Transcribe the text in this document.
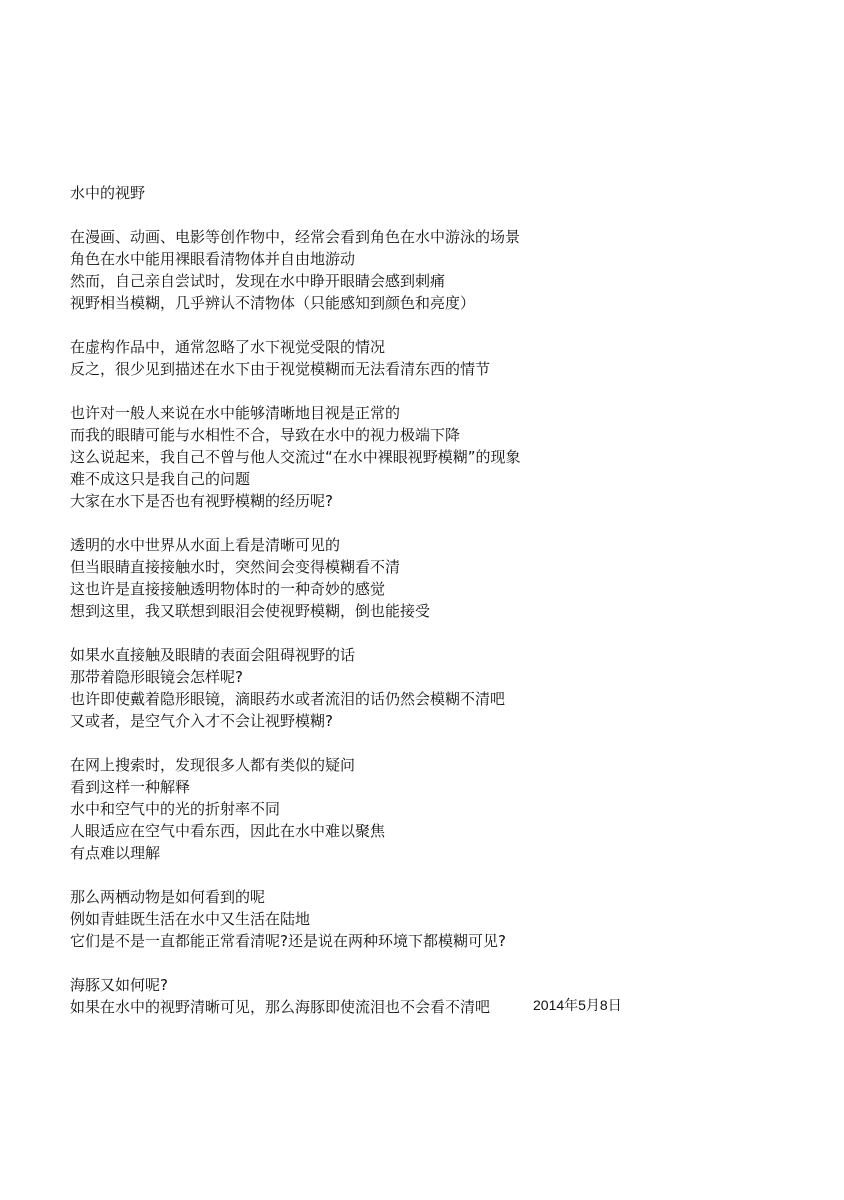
水中的视野
在漫画、动画、电影等创作物中，经常会看到角色在水中游泳的场景
角色在水中能用裸眼看清物体并自由地游动
然而，自己亲自尝试时，发现在水中睁开眼睛会感到刺痛
视野相当模糊，几乎辨认不清物体（只能感知到颜色和亮度）
在虚构作品中，通常忽略了水下视觉受限的情况
反之，很少见到描述在水下由于视觉模糊而无法看清东西的情节
也许对一般人来说在水中能够清晰地目视是正常的
而我的眼睛可能与水相性不合，导致在水中的视力极端下降
这么说起来，我自己不曾与他人交流过“在水中裸眼视野模糊”的现象
难不成这只是我自己的问题
大家在水下是否也有视野模糊的经历呢?
透明的水中世界从水面上看是清晰可见的
但当眼睛直接接触水时，突然间会变得模糊看不清
这也许是直接接触透明物体时的一种奇妙的感觉
想到这里，我又联想到眼泪会使视野模糊，倒也能接受
如果水直接触及眼睛的表面会阻碍视野的话
那带着隐形眼镜会怎样呢?
也许即使戴着隐形眼镜，滴眼药水或者流泪的话仍然会模糊不清吧
又或者，是空气介入才不会让视野模糊?
在网上搜索时，发现很多人都有类似的疑问
看到这样一种解释
水中和空气中的光的折射率不同
人眼适应在空气中看东西，因此在水中难以聚焦
有点难以理解
那么两栖动物是如何看到的呢
例如青蛙既生活在水中又生活在陆地
它们是不是一直都能正常看清呢?还是说在两种环境下都模糊可见?
海豚又如何呢?
如果在水中的视野清晰可见，那么海豚即使流泪也不会看不清吧	2014年5月8日
